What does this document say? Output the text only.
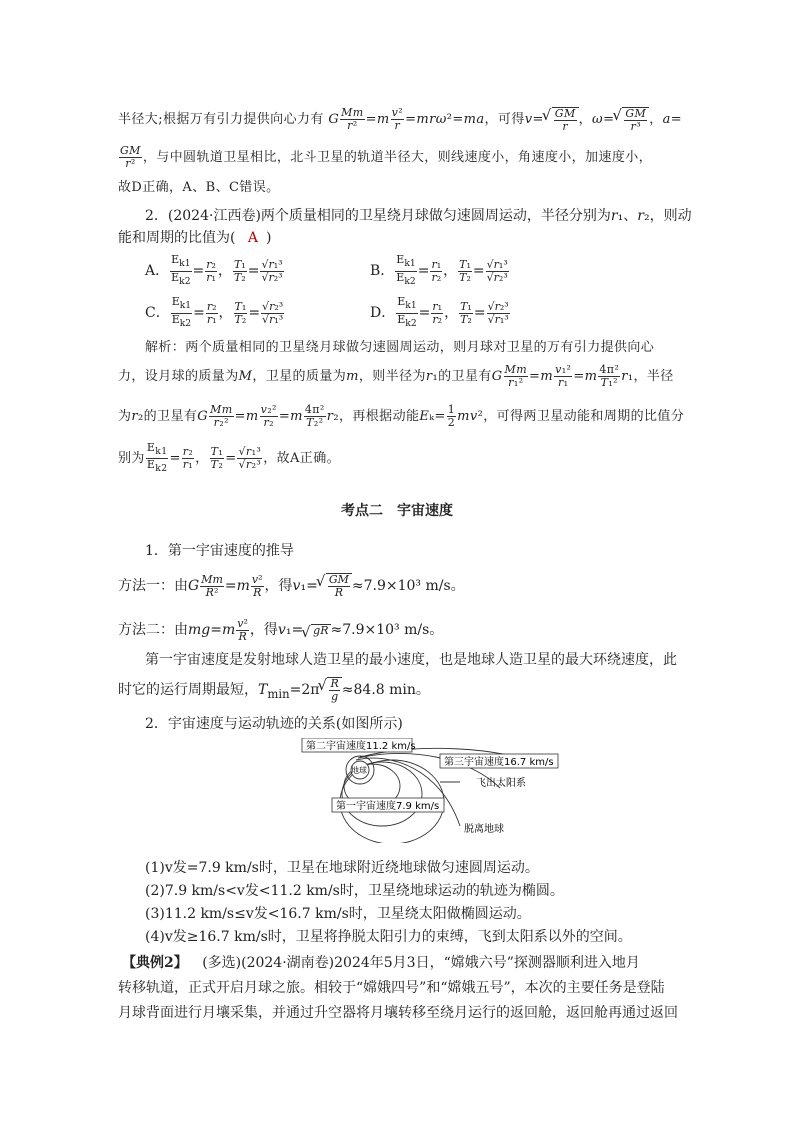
半径大;根据万有引力提供向心力有 G $\frac{Mm}{\text{r²}} =m \frac{\text{v²}}{r} =mr\omega^2=ma$，可得v= √ $\frac{GM}{r}$ ，ω= √ $\frac{GM}{\text{r³}}$ ，a=
$\frac{GM}{\text{r²}}$ ，与中圆轨道卫星相比，北斗卫星的轨道半径大，则线速度小，角速度小，加速度小，
故D正确，A、B、C错误。
2．(2024·江西卷)两个质量相同的卫星绕月球做匀速圆周运动，半径分别为r₁、r₂，则动
能和周期的比值为( A )
A． $\frac{E_{k1}}{E_{k2}} = \frac{\text{r₂}}{\text{r₁}}$ ， $\frac{\text{T₁}}{\text{T₂}} = \frac{\text{√r₁³}}{\text{√r₂³}}$	B． $\frac{E_{k1}}{E_{k2}} = \frac{\text{r₁}}{\text{r₂}}$ ， $\frac{\text{T₁}}{\text{T₂}} = \frac{\text{√r₁³}}{\text{√r₂³}}$
C． $\frac{E_{k1}}{E_{k2}} = \frac{\text{r₂}}{\text{r₁}}$ ， $\frac{\text{T₁}}{\text{T₂}} = \frac{\text{√r₂³}}{\text{√r₁³}}$	D． $\frac{E_{k1}}{E_{k2}} = \frac{\text{r₁}}{\text{r₂}}$ ， $\frac{\text{T₁}}{\text{T₂}} = \frac{\text{√r₂³}}{\text{√r₁³}}$
解析：两个质量相同的卫星绕月球做匀速圆周运动，则月球对卫星的万有引力提供向心
力，设月球的质量为M，卫星的质量为m，则半径为r₁的卫星有G $\frac{Mm}{\text{r₁²}} =m \frac{\text{v₁²}}{\text{r₁}} =m \frac{\text{4π²}}{\text{T₁²}} r_1$，半径
为r₂的卫星有G $\frac{Mm}{\text{r₂²}} =m \frac{\text{v₂²}}{\text{r₂}} =m \frac{\text{4π²}}{\text{T₂²}} r_2$，再根据动能$E_k= \frac{1}{2} mv^2$，可得两卫星动能和周期的比值分
别为 $\frac{E_{k1}}{E_{k2}} = \frac{\text{r₂}}{\text{r₁}}$ ， $\frac{\text{T₁}}{\text{T₂}} = \frac{\text{√r₁³}}{\text{√r₂³}}$ ，故A正确。
考点二　宇宙速度
1．第一宇宙速度的推导
方法一：由G $\frac{Mm}{\text{R²}} =m \frac{\text{v²}}{R}$ ，得v₁= √ $\frac{GM}{R} \approx 7.9\times 10^3$ m/s。
方法二：由$mg=m \frac{\text{v²}}{R}$ ，得v₁= √ gR ≈7.9×10³ m/s。
第一宇宙速度是发射地球人造卫星的最小速度，也是地球人造卫星的最大环绕速度，此
时它的运行周期最短，$T_{min}=2\pi$ √ $\frac{R}{g} \approx 84.8$ min。
2．宇宙速度与运动轨迹的关系(如图所示)
第二宇宙速度11.2 km/s
第三宇宙速度16.7 km/s
地球
第一宇宙速度7.9 km/s
飞出太阳系
脱离地球
(1)v发=7.9 km/s时，卫星在地球附近绕地球做匀速圆周运动。
(2)7.9 km/s<v发<11.2 km/s时，卫星绕地球运动的轨迹为椭圆。
(3)11.2 km/s≤v发<16.7 km/s时，卫星绕太阳做椭圆运动。
(4)v发≥16.7 km/s时，卫星将挣脱太阳引力的束缚，飞到太阳系以外的空间。
【典例2】 (多选)(2024·湖南卷)2024年5月3日，“嫦娥六号”探测器顺利进入地月
转移轨道，正式开启月球之旅。相较于“嫦娥四号”和“嫦娥五号”，本次的主要任务是登陆
月球背面进行月壤采集，并通过升空器将月壤转移至绕月运行的返回舱，返回舱再通过返回
